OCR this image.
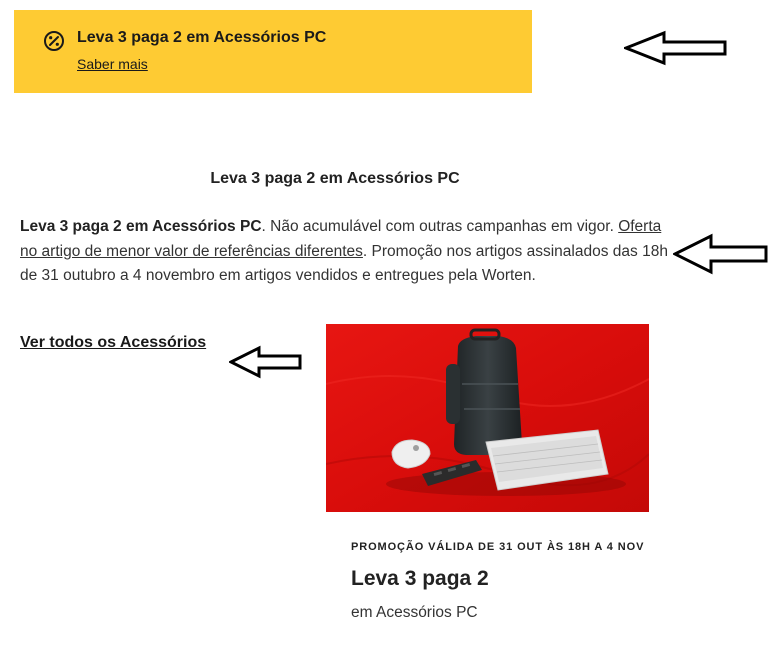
Leva 3 paga 2 em Acessórios PC
Saber mais
Leva 3 paga 2 em Acessórios PC
Leva 3 paga 2 em Acessórios PC. Não acumulável com outras campanhas em vigor. Oferta no artigo de menor valor de referências diferentes. Promoção nos artigos assinalados das 18h de 31 outubro a 4 novembro em artigos vendidos e entregues pela Worten.
Ver todos os Acessórios
PROMOÇÃO VÁLIDA DE 31 OUT ÀS 18H A 4 NOV
Leva 3 paga 2
em Acessórios PC
